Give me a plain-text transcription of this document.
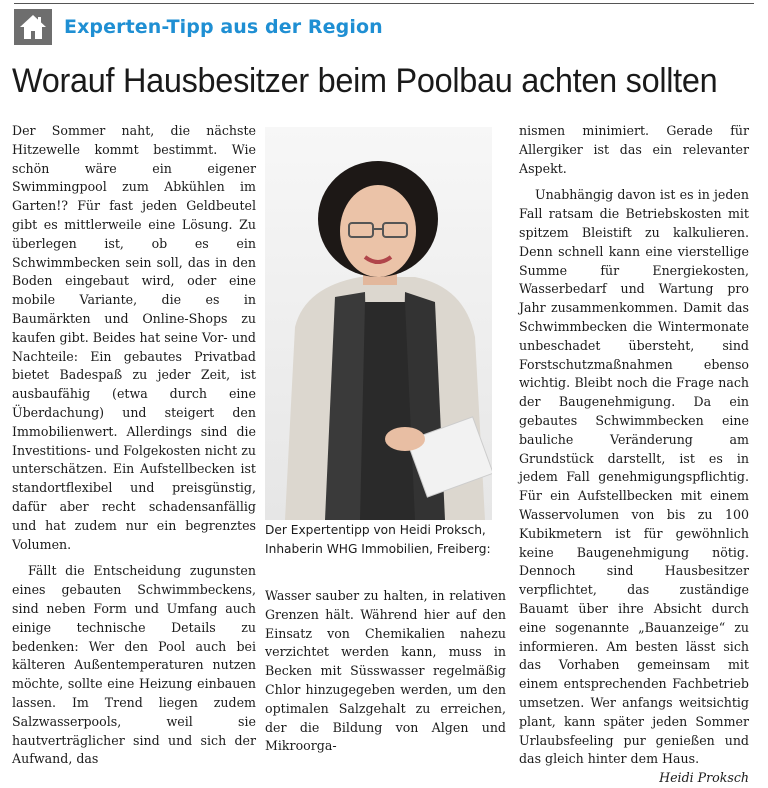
Experten-Tipp aus der Region
Worauf Hausbesitzer beim Poolbau achten sollten

Der Sommer naht, die nächste Hitzewelle kommt bestimmt. Wie schön wäre ein eigener Swimmingpool zum Abkühlen im Garten!? Für fast jeden Geldbeutel gibt es mittlerweile eine Lösung. Zu überlegen ist, ob es ein Schwimmbecken sein soll, das in den Boden eingebaut wird, oder eine mobile Variante, die es in Baumärkten und Online-Shops zu kaufen gibt. Beides hat seine Vor- und Nachteile: Ein gebautes Privatbad bietet Badespaß zu jeder Zeit, ist ausbaufähig (etwa durch eine Überdachung) und steigert den Immobilienwert. Allerdings sind die Investitions- und Folgekosten nicht zu unterschätzen. Ein Aufstellbecken ist standortflexibel und preisgünstig, dafür aber recht schadensanfällig und hat zudem nur ein begrenztes Volumen.

Fällt die Entscheidung zugunsten eines gebauten Schwimmbeckens, sind neben Form und Umfang auch einige technische Details zu bedenken: Wer den Pool auch bei kälteren Außentemperaturen nutzen möchte, sollte eine Heizung einbauen lassen. Im Trend liegen zudem Salzwasserpools, weil sie hautverträglicher sind und sich der Aufwand, das

Der Expertentipp von Heidi Proksch, Inhaberin WHG Immobilien, Freiberg:

Wasser sauber zu halten, in relativen Grenzen hält. Während hier auf den Einsatz von Chemikalien nahezu verzichtet werden kann, muss in Becken mit Süsswasser regelmäßig Chlor hinzugegeben werden, um den optimalen Salzgehalt zu erreichen, der die Bildung von Algen und Mikroorga-

nismen minimiert. Gerade für Allergiker ist das ein relevanter Aspekt.

Unabhängig davon ist es in jeden Fall ratsam die Betriebskosten mit spitzem Bleistift zu kalkulieren. Denn schnell kann eine vierstellige Summe für Energiekosten, Wasserbedarf und Wartung pro Jahr zusammenkommen. Damit das Schwimmbecken die Wintermonate unbeschadet übersteht, sind Forstschutzmaßnahmen ebenso wichtig. Bleibt noch die Frage nach der Baugenehmigung. Da ein gebautes Schwimmbecken eine bauliche Veränderung am Grundstück darstellt, ist es in jedem Fall genehmigungspflichtig. Für ein Aufstellbecken mit einem Wasservolumen von bis zu 100 Kubikmetern ist für gewöhnlich keine Baugenehmigung nötig. Dennoch sind Hausbesitzer verpflichtet, das zuständige Bauamt über ihre Absicht durch eine sogenannte „Bauanzeige“ zu informieren. Am besten lässt sich das Vorhaben gemeinsam mit einem entsprechenden Fachbetrieb umsetzen. Wer anfangs weitsichtig plant, kann später jeden Sommer Urlaubsfeeling pur genießen und das gleich hinter dem Haus.

Heidi Proksch
